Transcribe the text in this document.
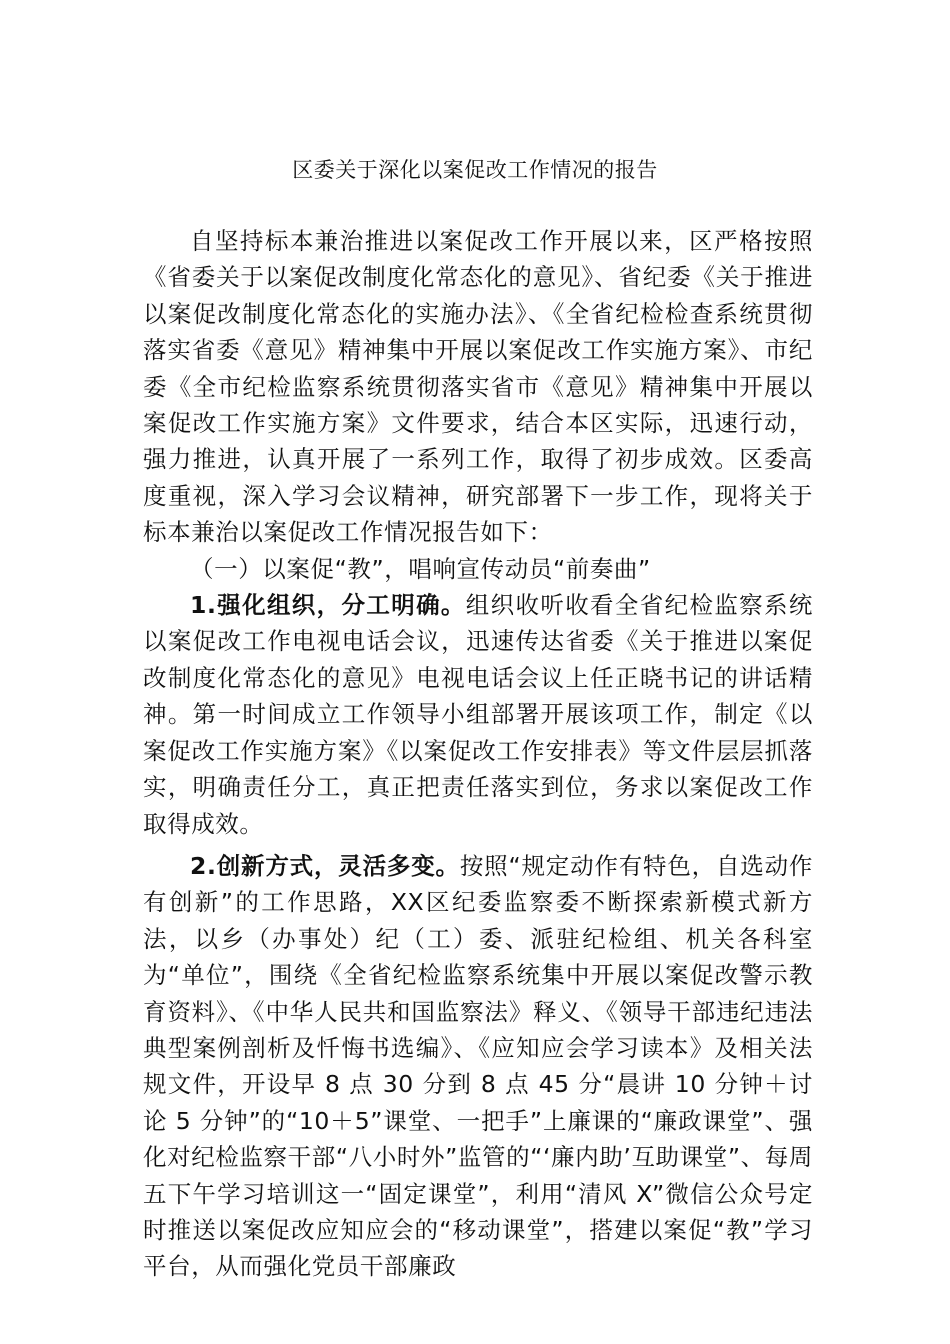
区委关于深化以案促改工作情况的报告

自坚持标本兼治推进以案促改工作开展以来，区严格按照《省委关于以案促改制度化常态化的意见》、省纪委《关于推进以案促改制度化常态化的实施办法》、《全省纪检检查系统贯彻落实省委《意见》精神集中开展以案促改工作实施方案》、市纪委《全市纪检监察系统贯彻落实省市《意见》精神集中开展以案促改工作实施方案》文件要求，结合本区实际，迅速行动，强力推进，认真开展了一系列工作，取得了初步成效。区委高度重视，深入学习会议精神，研究部署下一步工作，现将关于标本兼治以案促改工作情况报告如下：

（一）以案促“教”，唱响宣传动员“前奏曲”

1.强化组织，分工明确。组织收听收看全省纪检监察系统以案促改工作电视电话会议，迅速传达省委《关于推进以案促改制度化常态化的意见》电视电话会议上任正晓书记的讲话精神。第一时间成立工作领导小组部署开展该项工作，制定《以案促改工作实施方案》《以案促改工作安排表》等文件层层抓落实，明确责任分工，真正把责任落实到位，务求以案促改工作取得成效。

2.创新方式，灵活多变。按照“规定动作有特色，自选动作有创新”的工作思路，XX区纪委监察委不断探索新模式新方法，以乡（办事处）纪（工）委、派驻纪检组、机关各科室为“单位”，围绕《全省纪检监察系统集中开展以案促改警示教育资料》、《中华人民共和国监察法》释义、《领导干部违纪违法典型案例剖析及忏悔书选编》、《应知应会学习读本》及相关法规文件，开设早 8 点 30 分到 8 点 45 分“晨讲 10 分钟＋讨论 5 分钟”的“10＋5”课堂、一把手”上廉课的“廉政课堂”、强化对纪检监察干部“八小时外”监管的“‘廉内助’互助课堂”、每周五下午学习培训这一“固定课堂”，利用“清风 X”微信公众号定时推送以案促改应知应会的“移动课堂”，搭建以案促“教”学习平台，从而强化党员干部廉政
